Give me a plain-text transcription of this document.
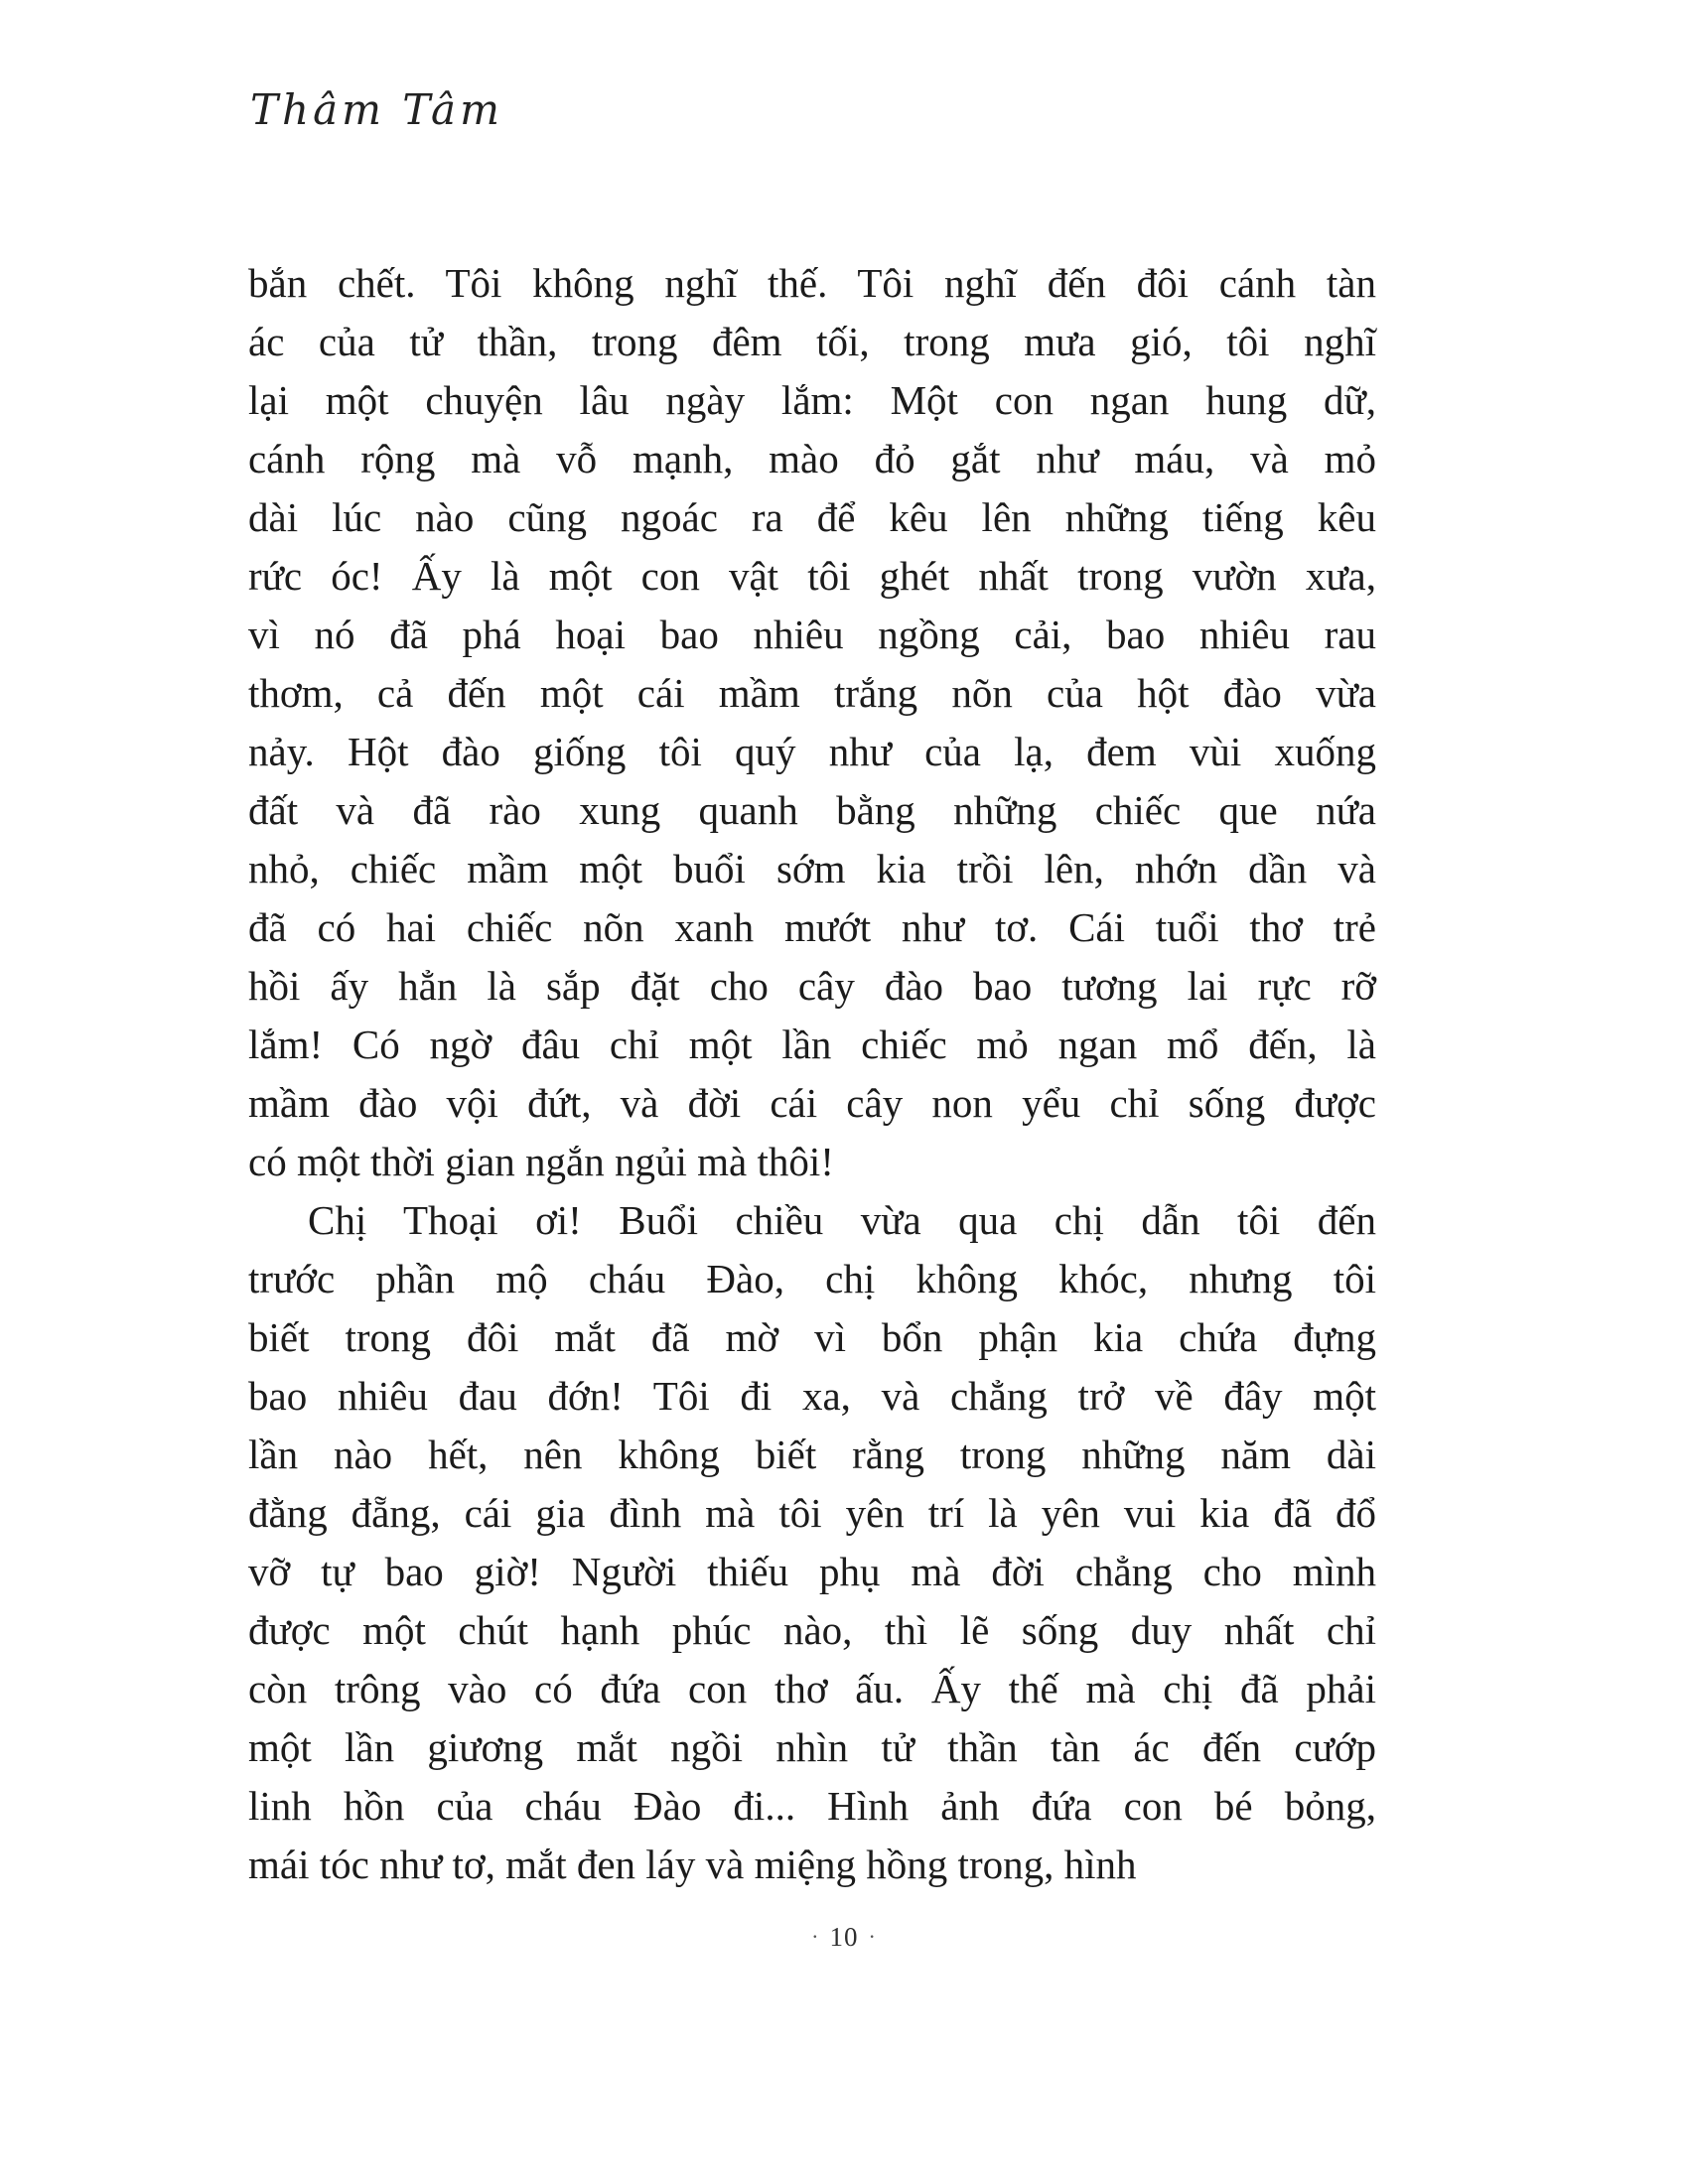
Thâm Tâm
bắn chết. Tôi không nghĩ thế. Tôi nghĩ đến đôi cánh tàn
ác của tử thần, trong đêm tối, trong mưa gió, tôi nghĩ
lại một chuyện lâu ngày lắm: Một con ngan hung dữ,
cánh rộng mà vỗ mạnh, mào đỏ gắt như máu, và mỏ
dài lúc nào cũng ngoác ra để kêu lên những tiếng kêu
rức óc! Ấy là một con vật tôi ghét nhất trong vườn xưa,
vì nó đã phá hoại bao nhiêu ngồng cải, bao nhiêu rau
thơm, cả đến một cái mầm trắng nõn của hột đào vừa
nảy. Hột đào giống tôi quý như của lạ, đem vùi xuống
đất và đã rào xung quanh bằng những chiếc que nứa
nhỏ, chiếc mầm một buổi sớm kia trồi lên, nhớn dần và
đã có hai chiếc nõn xanh mướt như tơ. Cái tuổi thơ trẻ
hồi ấy hẳn là sắp đặt cho cây đào bao tương lai rực rỡ
lắm! Có ngờ đâu chỉ một lần chiếc mỏ ngan mổ đến, là
mầm đào vội đứt, và đời cái cây non yểu chỉ sống được
có một thời gian ngắn ngủi mà thôi!
Chị Thoại ơi! Buổi chiều vừa qua chị dẫn tôi đến
trước phần mộ cháu Đào, chị không khóc, nhưng tôi
biết trong đôi mắt đã mờ vì bổn phận kia chứa đựng
bao nhiêu đau đớn! Tôi đi xa, và chẳng trở về đây một
lần nào hết, nên không biết rằng trong những năm dài
đằng đẵng, cái gia đình mà tôi yên trí là yên vui kia đã đổ
vỡ tự bao giờ! Người thiếu phụ mà đời chẳng cho mình
được một chút hạnh phúc nào, thì lẽ sống duy nhất chỉ
còn trông vào có đứa con thơ ấu. Ấy thế mà chị đã phải
một lần giương mắt ngồi nhìn tử thần tàn ác đến cướp
linh hồn của cháu Đào đi... Hình ảnh đứa con bé bỏng,
mái tóc như tơ, mắt đen láy và miệng hồng trong, hình
· 10 ·
